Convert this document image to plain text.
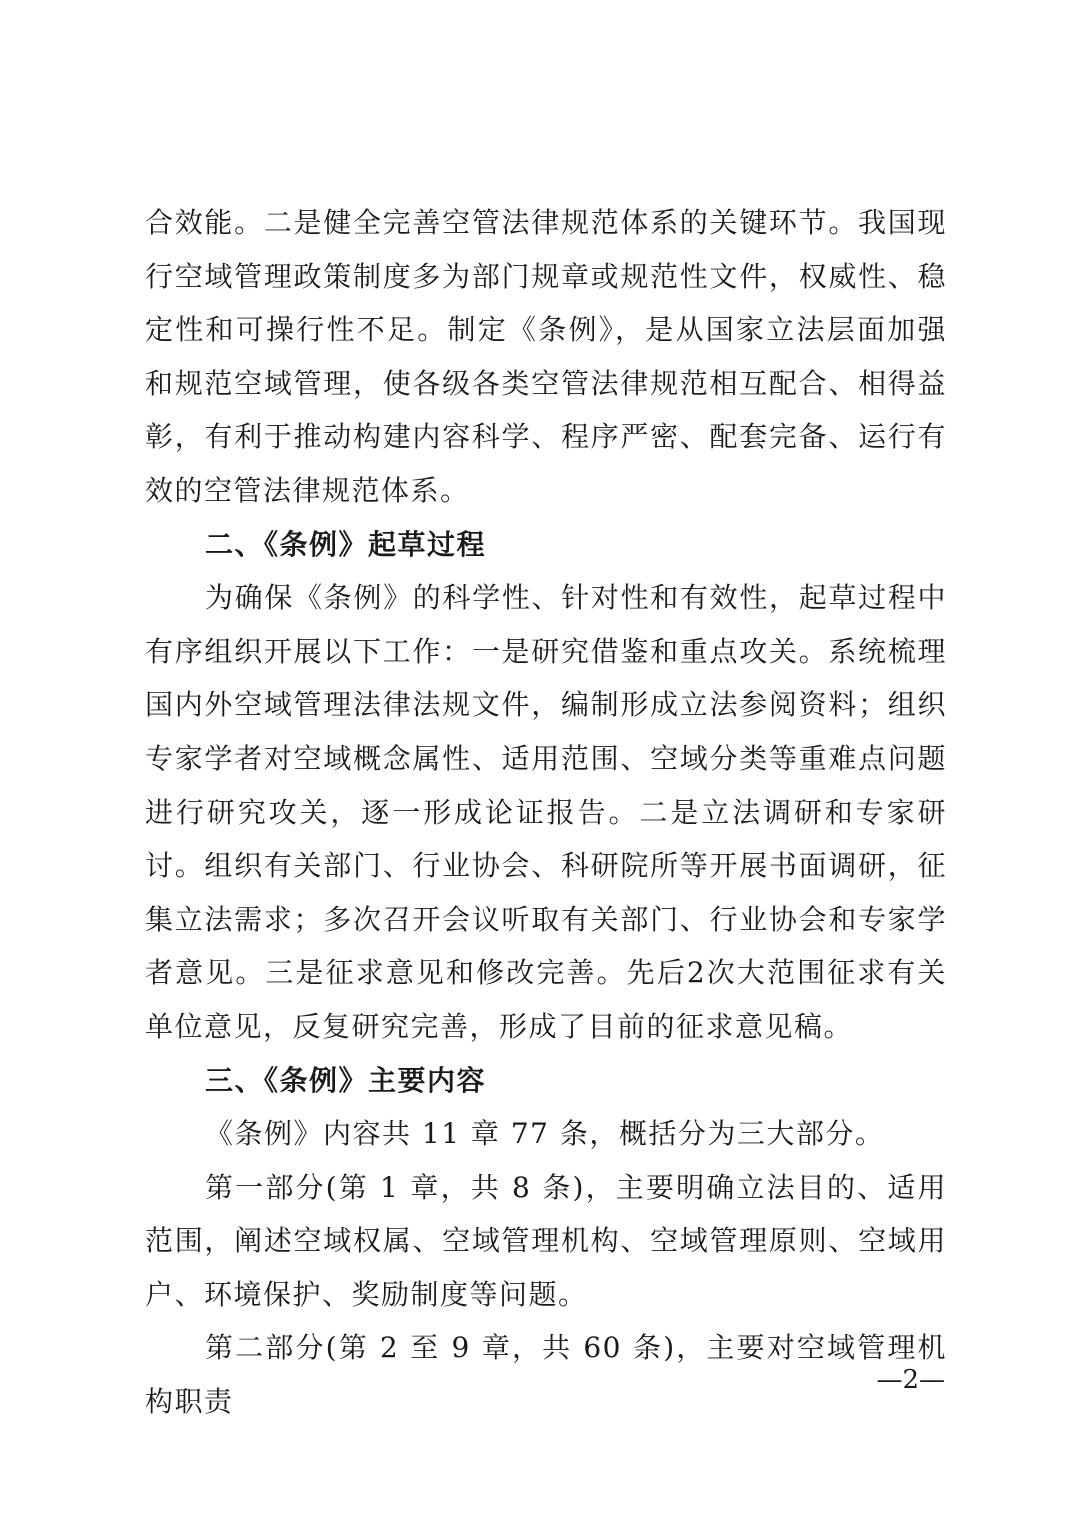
合效能。二是健全完善空管法律规范体系的关键环节。我国现行空域管理政策制度多为部门规章或规范性文件，权威性、稳定性和可操行性不足。制定《条例》，是从国家立法层面加强和规范空域管理，使各级各类空管法律规范相互配合、相得益彰，有利于推动构建内容科学、程序严密、配套完备、运行有效的空管法律规范体系。

二、《条例》起草过程

为确保《条例》的科学性、针对性和有效性，起草过程中有序组织开展以下工作：一是研究借鉴和重点攻关。系统梳理国内外空域管理法律法规文件，编制形成立法参阅资料；组织专家学者对空域概念属性、适用范围、空域分类等重难点问题进行研究攻关，逐一形成论证报告。二是立法调研和专家研讨。组织有关部门、行业协会、科研院所等开展书面调研，征集立法需求；多次召开会议听取有关部门、行业协会和专家学者意见。三是征求意见和修改完善。先后2次大范围征求有关单位意见，反复研究完善，形成了目前的征求意见稿。

三、《条例》主要内容

《条例》内容共 11 章 77 条，概括分为三大部分。

第一部分(第 1 章，共 8 条)，主要明确立法目的、适用范围，阐述空域权属、空域管理机构、空域管理原则、空域用户、环境保护、奖励制度等问题。

第二部分(第 2 至 9 章，共 60 条)，主要对空域管理机构职责

—2—
